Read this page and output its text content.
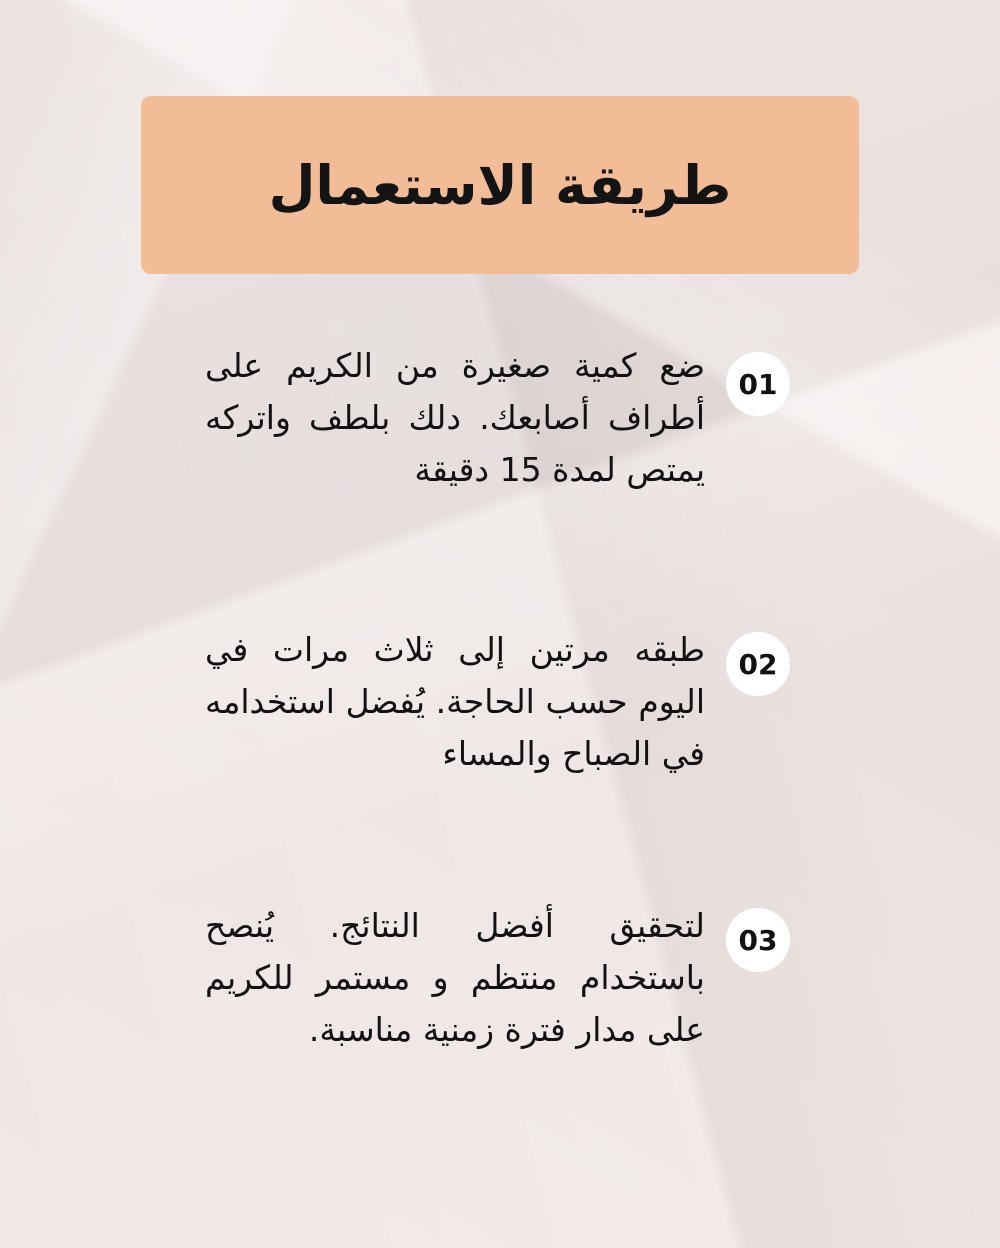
طريقة الاستعمال
01

ضع كمية صغيرة من الكريم على أطراف أصابعك. دلك بلطف واتركه يمتص لمدة 15 دقيقة

02

طبقه مرتين إلى ثلاث مرات في اليوم حسب الحاجة. يُفضل استخدامه في الصباح والمساء

03

لتحقيق أفضل النتائج. يُنصح باستخدام منتظم و مستمر للكريم على مدار فترة زمنية مناسبة.
